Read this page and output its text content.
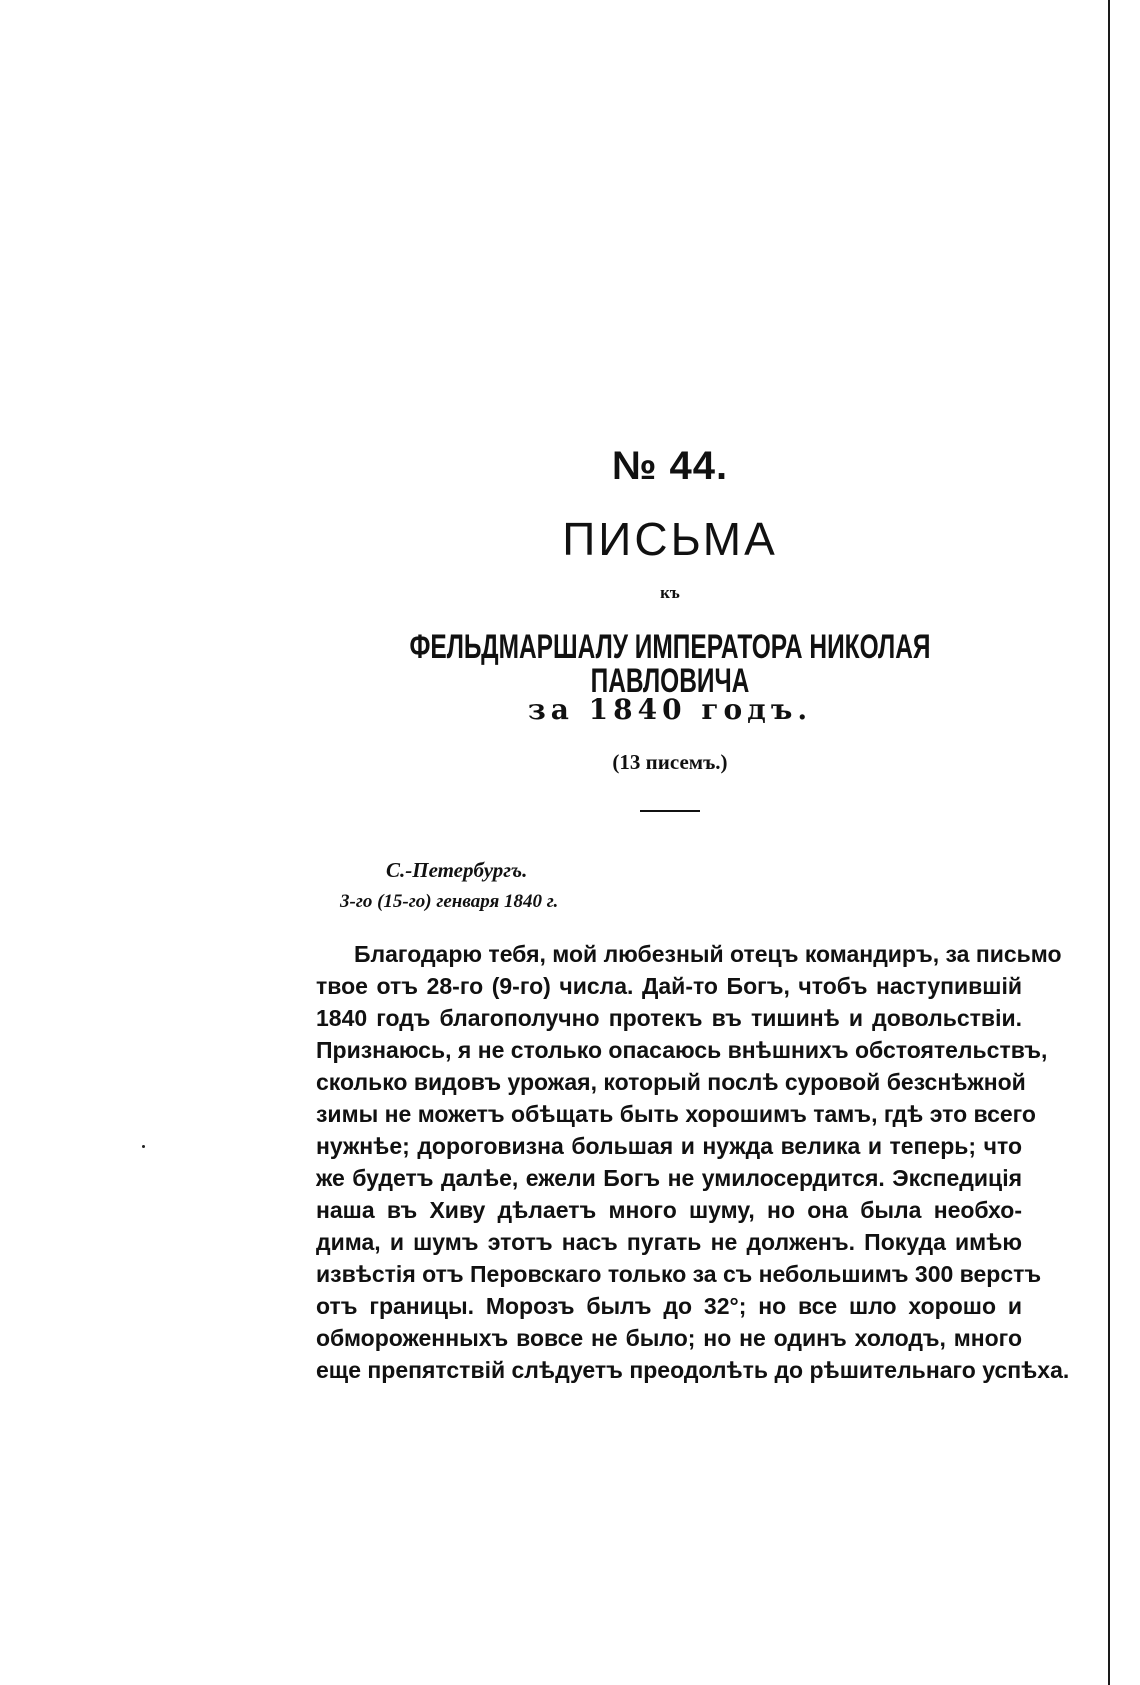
№ 44.
ПИСЬМА
къ
ФЕЛЬДМАРШАЛУ ИМПЕРАТОРА НИКОЛАЯ ПАВЛОВИЧА
за 1840 годъ.
(13 писемъ.)
С.-Петербургъ.
3-го (15-го) генваря 1840 г.
Благодарю тебя, мой любезный отецъ командиръ, за письмо
твое отъ 28-го (9-го) числа. Дай-то Богъ, чтобъ наступившій
1840 годъ благополучно протекъ въ тишинѣ и довольствіи.
Признаюсь, я не столько опасаюсь внѣшнихъ обстоятельствъ,
сколько видовъ урожая, который послѣ суровой безснѣжной
зимы не можетъ обѣщать быть хорошимъ тамъ, гдѣ это всего
нужнѣе; дороговизна большая и нужда велика и теперь; что
же будетъ далѣе, ежели Богъ не умилосердится. Экспедиція
наша въ Хиву дѣлаетъ много шуму, но она была необхо-
дима, и шумъ этотъ насъ пугать не долженъ. Покуда имѣю
извѣстія отъ Перовскаго только за съ небольшимъ 300 верстъ
отъ границы. Морозъ былъ до 32°; но все шло хорошо и
обмороженныхъ вовсе не было; но не одинъ холодъ, много
еще препятствій слѣдуетъ преодолѣть до рѣшительнаго успѣха.
